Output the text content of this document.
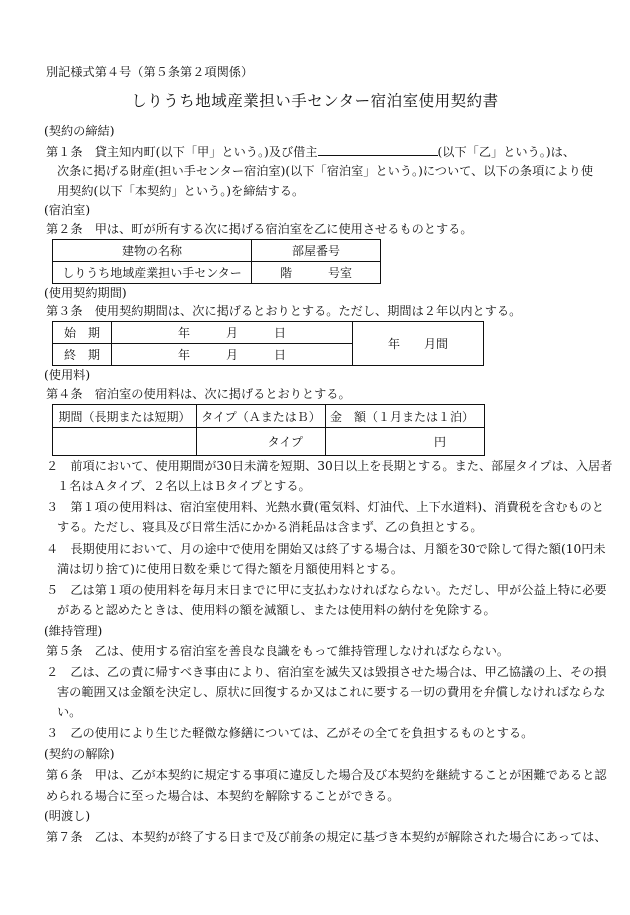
別記様式第４号（第５条第２項関係）
しりうち地域産業担い手センター宿泊室使用契約書
(契約の締結)
第１条　貸主知内町(以下「甲」という。)及び借主	(以下「乙」という。)は、
次条に掲げる財産(担い手センター宿泊室)(以下「宿泊室」という。)について、以下の条項により使
用契約(以下「本契約」という。)を締結する。
(宿泊室)
第２条　甲は、町が所有する次に掲げる宿泊室を乙に使用させるものとする。
建物の名称	部屋番号
しりうち地域産業担い手センター	階　　　号室
(使用契約期間)
第３条　使用契約期間は、次に掲げるとおりとする。ただし、期間は２年以内とする。
始　期	年　　　月　　　日	年　　月間
終　期	年　　　月　　　日	
(使用料)
第４条　宿泊室の使用料は、次に掲げるとおりとする。
期間（長期または短期）	タイプ（ＡまたはＢ）	金　額（１月または１泊）
	タイプ	円
２　前項において、使用期間が30日未満を短期、30日以上を長期とする。また、部屋タイプは、入居者
１名はＡタイプ、２名以上はＢタイプとする。
３　第１項の使用料は、宿泊室使用料、光熱水費(電気料、灯油代、上下水道料)、消費税を含むものと
する。ただし、寝具及び日常生活にかかる消耗品は含まず、乙の負担とする。
４　長期使用において、月の途中で使用を開始又は終了する場合は、月額を30で除して得た額(10円未
満は切り捨て)に使用日数を乗じて得た額を月額使用料とする。
５　乙は第１項の使用料を毎月末日までに甲に支払わなければならない。ただし、甲が公益上特に必要
があると認めたときは、使用料の額を減額し、または使用料の納付を免除する。
(維持管理)
第５条　乙は、使用する宿泊室を善良な良識をもって維持管理しなければならない。
２　乙は、乙の責に帰すべき事由により、宿泊室を滅失又は毀損させた場合は、甲乙協議の上、その損
害の範囲又は金額を決定し、原状に回復するか又はこれに要する一切の費用を弁償しなければならな
い。
３　乙の使用により生じた軽微な修繕については、乙がその全てを負担するものとする。
(契約の解除)
第６条　甲は、乙が本契約に規定する事項に違反した場合及び本契約を継続することが困難であると認
められる場合に至った場合は、本契約を解除することができる。
(明渡し)
第７条　乙は、本契約が終了する日まで及び前条の規定に基づき本契約が解除された場合にあっては、
